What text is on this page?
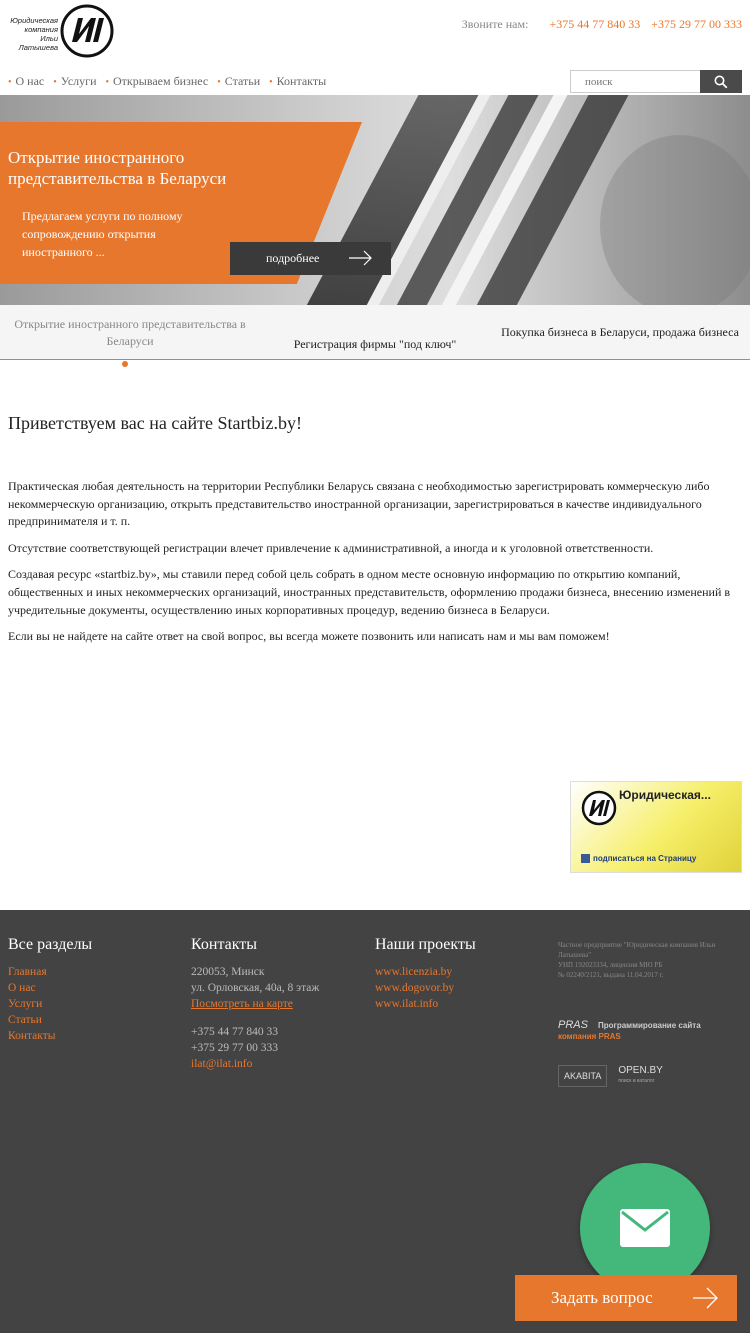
Юридическая компания Ильи Латышева
Звоните нам: +375 44 77 840 33 +375 29 77 00 333
• О нас • Услуги • Открываем бизнес • Статьи • Контакты
поиск
Открытие иностранного представительства в Беларуси
Предлагаем услуги по полному сопровождению открытия иностранного ...	подробнее
Открытие иностранного представительства в Беларуси	Регистрация фирмы "под ключ"
Покупка бизнеса в Беларуси, продажа бизнеса
Приветствуем вас на сайте Startbiz.by!

Практическая любая деятельность на территории Республики Беларусь связана с необходимостью зарегистрировать коммерческую либо некоммерческую организацию, открыть представительство иностранной организации, зарегистрироваться в качестве индивидуального предпринимателя и т. п.

Отсутствие соответствующей регистрации влечет привлечение к административной, а иногда и к уголовной ответственности.

Создавая ресурс «startbiz.by», мы ставили перед собой цель собрать в одном месте основную информацию по открытию компаний, общественных и иных некоммерческих организаций, иностранных представительств, оформлению продажи бизнеса, внесению изменений в учредительные документы, осуществлению иных корпоративных процедур, ведению бизнеса в Беларуси.

Если вы не найдете на сайте ответ на свой вопрос, вы всегда можете позвонить или написать нам и мы вам поможем!

Юридическая...
подписаться на Страницу
Все разделы
Главная
О нас
Услуги
Статьи
Контакты
Контакты
220053, Минск
ул. Орловская, 40а, 8 этаж
Посмотреть на карте
+375 44 77 840 33
+375 29 77 00 333
ilat@ilat.info
Наши проекты
www.licenzia.by
www.dogovor.by
www.ilat.info
Частное предприятие "Юридическая компания Ильи Латышева"
УНП 192023334, лицензия МЮ РБ
№ 02240/2121, выдана 11.04.2017 г.
PRAS Программирование сайта
компания PRAS
AKABITA OPEN.BY
поиск и каталог
Задать вопрос
